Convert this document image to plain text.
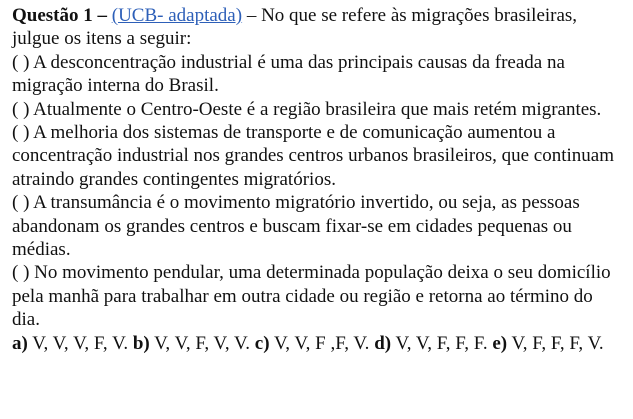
Questão 1 – (UCB- adaptada) – No que se refere às migrações brasileiras, julgue os itens a seguir:

( ) A desconcentração industrial é uma das principais causas da freada na migração interna do Brasil.

( ) Atualmente o Centro-Oeste é a região brasileira que mais retém migrantes.

( ) A melhoria dos sistemas de transporte e de comunicação aumentou a concentração industrial nos grandes centros urbanos brasileiros, que continuam atraindo grandes contingentes migratórios.

( ) A transumância é o movimento migratório invertido, ou seja, as pessoas abandonam os grandes centros e buscam fixar-se em cidades pequenas ou médias.

( ) No movimento pendular, uma determinada população deixa o seu domicílio pela manhã para trabalhar em outra cidade ou região e retorna ao término do dia.

a) V, V, V, F, V. b) V, V, F, V, V. c) V, V, F ,F, V. d) V, V, F, F, F. e) V, F, F, F, V.
